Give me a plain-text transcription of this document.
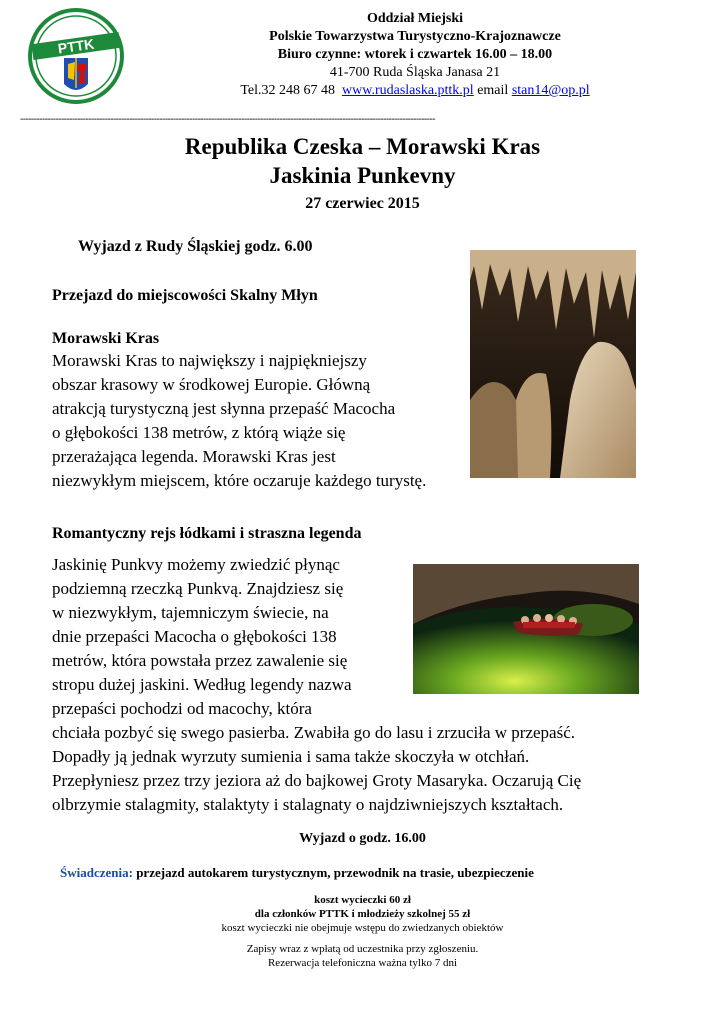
PTTK
Oddział Miejski
Polskie Towarzystwa Turystyczno-Krajoznawcze
Biuro czynne: wtorek i czwartek 16.00 – 18.00
41-700 Ruda Śląska Janasa 21
Tel.32 248 67 48 www.rudaslaska.pttk.pl email stan14@op.pl
--------------------------------------------------------------------------------------------------------------------------------------------------------
Republika Czeska – Morawski Kras
Jaskinia Punkevny
27 czerwiec 2015
Wyjazd z Rudy Śląskiej godz. 6.00
Przejazd do miejscowości Skalny Młyn
Morawski Kras
Morawski Kras to największy i najpiękniejszy
obszar krasowy w środkowej Europie. Główną
atrakcją turystyczną jest słynna przepaść Macocha
o głębokości 138 metrów, z którą wiąże się
przerażająca legenda. Morawski Kras jest
niezwykłym miejscem, które oczaruje każdego turystę.
Romantyczny rejs łódkami i straszna legenda
Jaskinię Punkvy możemy zwiedzić płynąc
podziemną rzeczką Punkvą. Znajdziesz się
w niezwykłym, tajemniczym świecie, na
dnie przepaści Macocha o głębokości 138
metrów, która powstała przez zawalenie się
stropu dużej jaskini. Według legendy nazwa
przepaści pochodzi od macochy, która
chciała pozbyć się swego pasierba. Zwabiła go do lasu i zrzuciła w przepaść.
Dopadły ją jednak wyrzuty sumienia i sama także skoczyła w otchłań.
Przepłyniesz przez trzy jeziora aż do bajkowej Groty Masaryka. Oczarują Cię
olbrzymie stalagmity, stalaktyty i stalagnaty o najdziwniejszych kształtach.
Wyjazd o godz. 16.00
Świadczenia: przejazd autokarem turystycznym, przewodnik na trasie, ubezpieczenie
koszt wycieczki 60 zł
dla członków PTTK i młodzieży szkolnej 55 zł
koszt wycieczki nie obejmuje wstępu do zwiedzanych obiektów
Zapisy wraz z wpłatą od uczestnika przy zgłoszeniu.
Rezerwacja telefoniczna ważna tylko 7 dni
